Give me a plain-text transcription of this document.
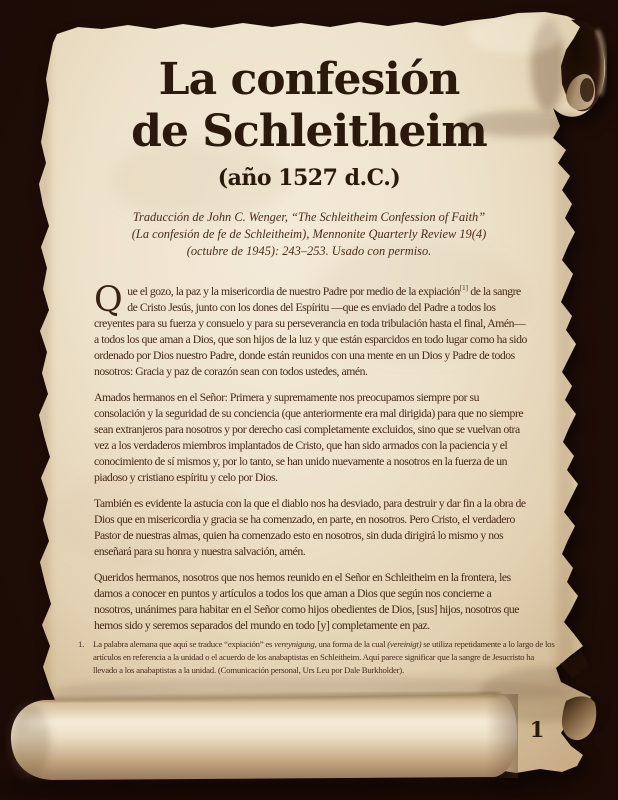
La confesión
de Schleitheim
(año 1527 d.C.)
Traducción de John C. Wenger, “The Schleitheim Confession of Faith”
(La confesión de fe de Schleitheim), Mennonite Quarterly Review 19(4)
(octubre de 1945): 243–253. Usado con permiso.

Que el gozo, la paz y la misericordia de nuestro Padre por medio de la expiación[1] de la sangre de Cristo Jesús, junto con los dones del Espíritu —que es enviado del Padre a todos los creyentes para su fuerza y consuelo y para su perseverancia en toda tribulación hasta el final, Amén— a todos los que aman a Dios, que son hijos de la luz y que están esparcidos en todo lugar como ha sido ordenado por Dios nuestro Padre, donde están reunidos con una mente en un Dios y Padre de todos nosotros: Gracia y paz de corazón sean con todos ustedes, amén.

Amados hermanos en el Señor: Primera y supremamente nos preocupamos siempre por su consolación y la seguridad de su conciencia (que anteriormente era mal dirigida) para que no siempre sean extranjeros para nosotros y por derecho casi completamente excluidos, sino que se vuelvan otra vez a los verdaderos miembros implantados de Cristo, que han sido armados con la paciencia y el conocimiento de sí mismos y, por lo tanto, se han unido nuevamente a nosotros en la fuerza de un piadoso y cristiano espíritu y celo por Dios.

También es evidente la astucia con la que el diablo nos ha desviado, para destruir y dar fin a la obra de Dios que en misericordia y gracia se ha comenzado, en parte, en nosotros. Pero Cristo, el verdadero Pastor de nuestras almas, quien ha comenzado esto en nosotros, sin duda dirigirá lo mismo y nos enseñará para su honra y nuestra salvación, amén.

Queridos hermanos, nosotros que nos hemos reunido en el Señor en Schleitheim en la frontera, les damos a conocer en puntos y artículos a todos los que aman a Dios que según nos concierne a nosotros, unánimes para habitar en el Señor como hijos obedientes de Dios, [sus] hijos, nosotros que hemos sido y seremos separados del mundo en todo [y] completamente en paz.

1.	La palabra alemana que aquí se traduce “expiación” es vereynigung, una forma de la cual (vereinigt) se utiliza repetidamente a lo largo de los artículos en referencia a la unidad o el acuerdo de los anabaptistas en Schleitheim. Aquí parece significar que la sangre de Jesucristo ha llevado a los anabaptistas a la unidad. (Comunicación personal, Urs Leu por Dale Burkholder).
1
